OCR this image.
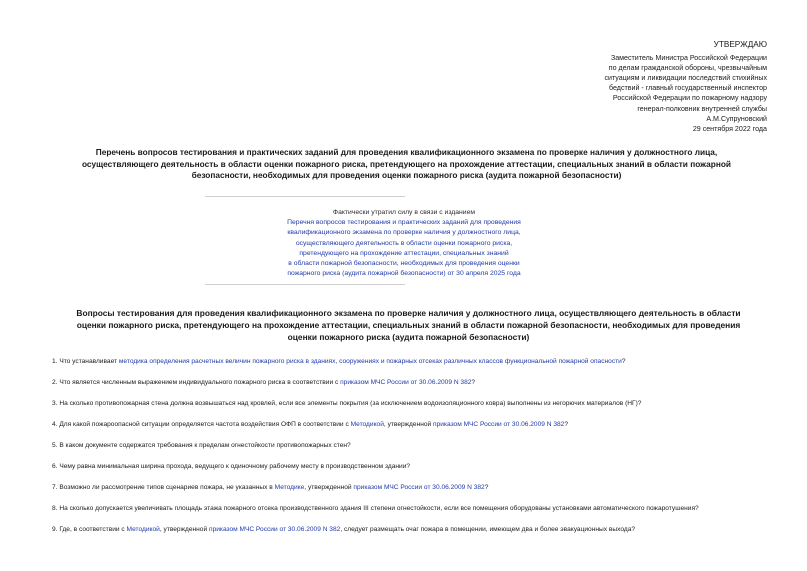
УТВЕРЖДАЮ
Заместитель Министра Российской Федерации
по делам гражданской обороны, чрезвычайным
ситуациям и ликвидации последствий стихийных
бедствий - главный государственный инспектор
Российской Федерации по пожарному надзору
генерал-полковник внутренней службы
А.М.Супруновский
29 сентября 2022 года
Перечень вопросов тестирования и практических заданий для проведения квалификационного экзамена по проверке наличия у должностного лица,
осуществляющего деятельность в области оценки пожарного риска, претендующего на прохождение аттестации, специальных знаний в области пожарной
безопасности, необходимых для проведения оценки пожарного риска (аудита пожарной безопасности)
Фактически утратил силу в связи с изданием
Перечня вопросов тестирования и практических заданий для проведения
квалификационного экзамена по проверке наличия у должностного лица,
осуществляющего деятельность в области оценки пожарного риска,
претендующего на прохождение аттестации, специальных знаний
в области пожарной безопасности, необходимых для проведения оценки
пожарного риска (аудита пожарной безопасности) от 30 апреля 2025 года
Вопросы тестирования для проведения квалификационного экзамена по проверке наличия у должностного лица, осуществляющего деятельность в области
оценки пожарного риска, претендующего на прохождение аттестации, специальных знаний в области пожарной безопасности, необходимых для проведения
оценки пожарного риска (аудита пожарной безопасности)
1. Что устанавливает методика определения расчетных величин пожарного риска в зданиях, сооружениях и пожарных отсеках различных классов функциональной пожарной опасности?
2. Что является численным выражением индивидуального пожарного риска в соответствии с приказом МЧС России от 30.06.2009 N 382?
3. На сколько противопожарная стена должна возвышаться над кровлей, если все элементы покрытия (за исключением водоизоляционного ковра) выполнены из негорючих материалов (НГ)?
4. Для какой пожароопасной ситуации определяется частота воздействия ОФП в соответствии с Методикой, утвержденной приказом МЧС России от 30.06.2009 N 382?
5. В каком документе содержатся требования к пределам огнестойкости противопожарных стен?
6. Чему равна минимальная ширина прохода, ведущего к одиночному рабочему месту в производственном здании?
7. Возможно ли рассмотрение типов сценариев пожара, не указанных в Методике, утвержденной приказом МЧС России от 30.06.2009 N 382?
8. На сколько допускается увеличивать площадь этажа пожарного отсека производственного здания III степени огнестойкости, если все помещения оборудованы установками автоматического пожаротушения?
9. Где, в соответствии с Методикой, утвержденной приказом МЧС России от 30.06.2009 N 382, следует размещать очаг пожара в помещении, имеющем два и более эвакуационных выхода?
